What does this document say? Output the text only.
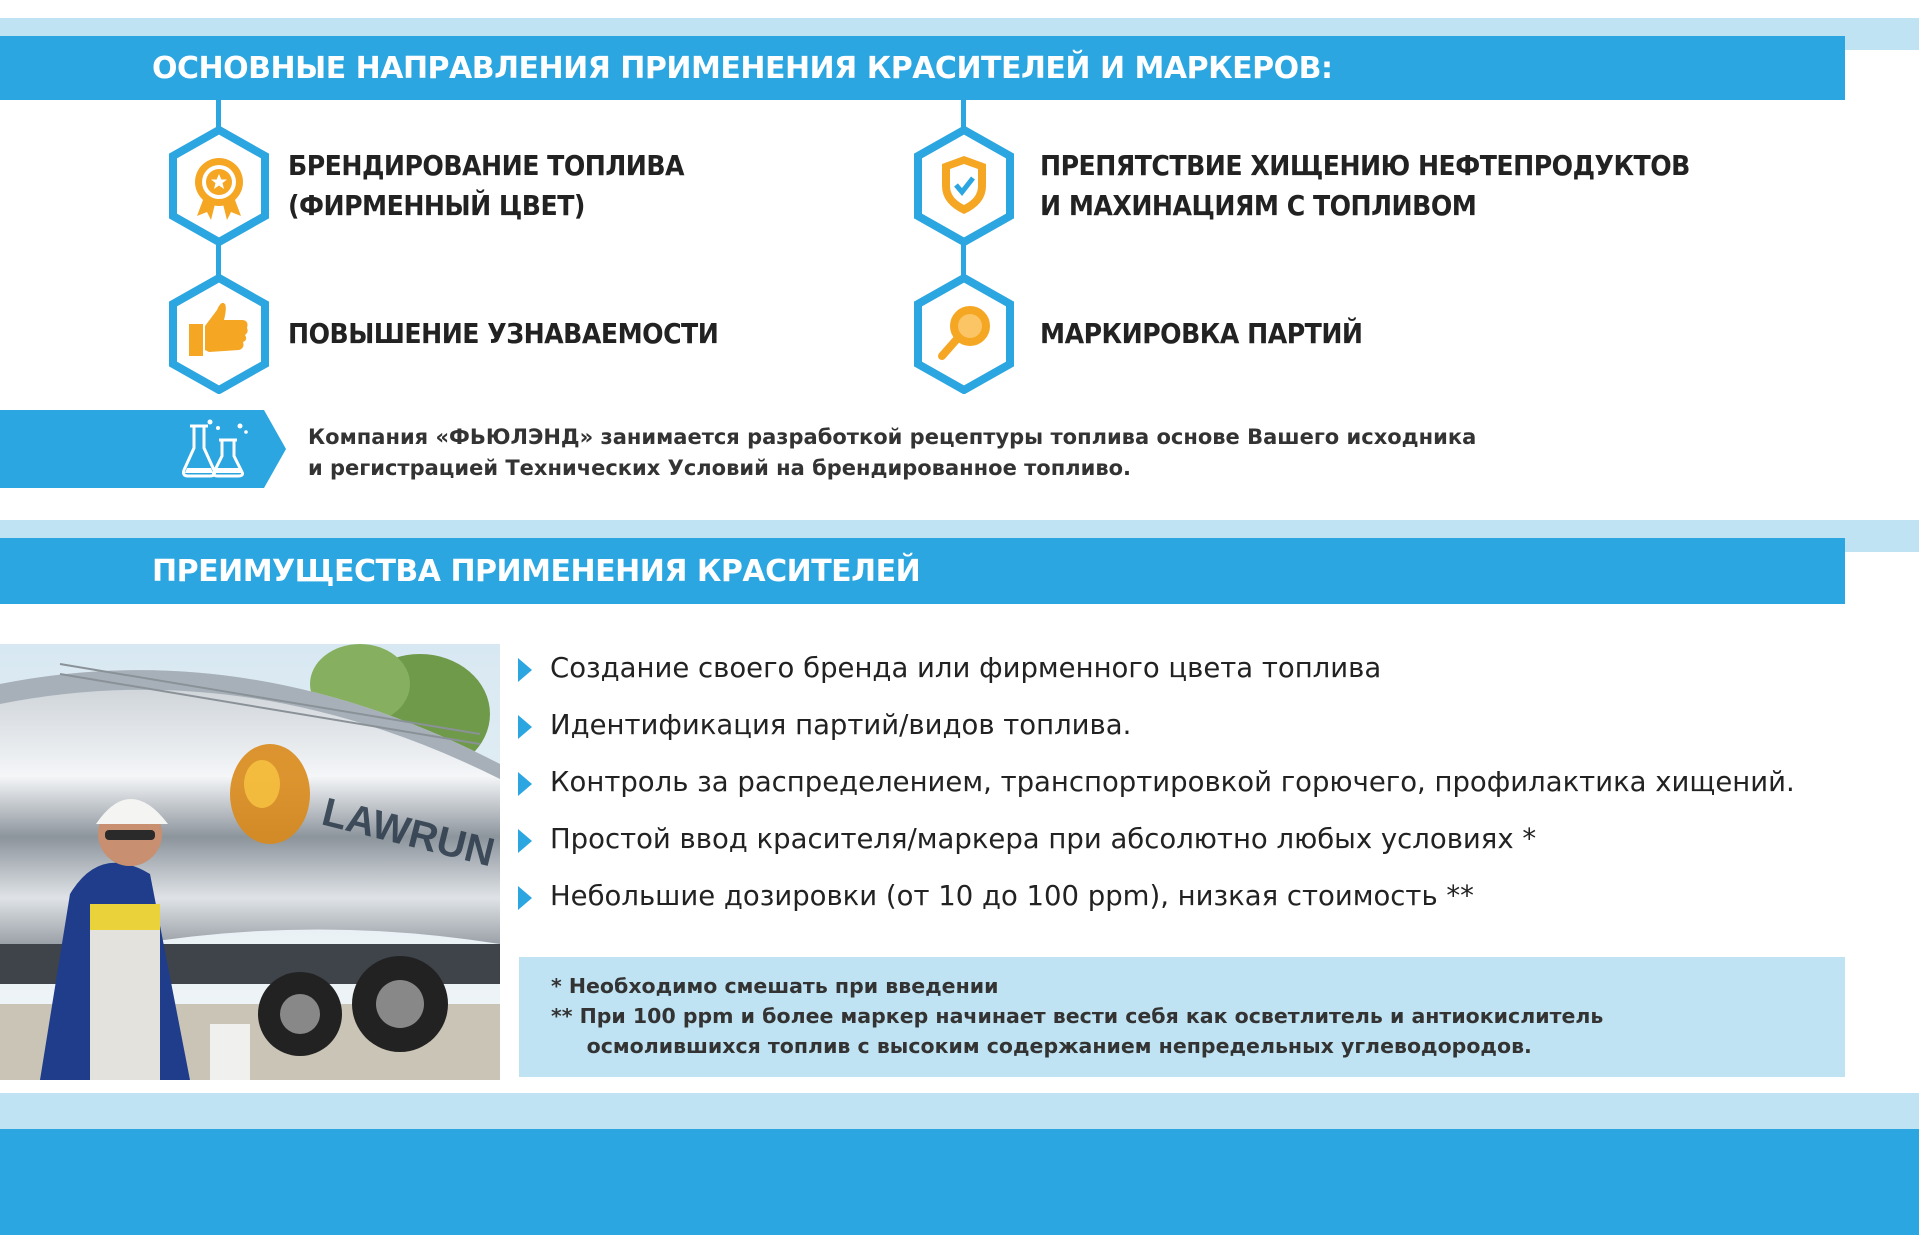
ОСНОВНЫЕ НАПРАВЛЕНИЯ ПРИМЕНЕНИЯ КРАСИТЕЛЕЙ И МАРКЕРОВ:
БРЕНДИРОВАНИЕ ТОПЛИВА
(ФИРМЕННЫЙ ЦВЕТ)
ПРЕПЯТСТВИЕ ХИЩЕНИЮ НЕФТЕПРОДУКТОВ
И МАХИНАЦИЯМ С ТОПЛИВОМ
ПОВЫШЕНИЕ УЗНАВАЕМОСТИ	МАРКИРОВКА ПАРТИЙ
Компания «ФЬЮЛЭНД» занимается разработкой рецептуры топлива основе Вашего исходника
и регистрацией Технических Условий на брендированное топливо.
ПРЕИМУЩЕСТВА ПРИМЕНЕНИЯ КРАСИТЕЛЕЙ
LAWRUN
Создание своего бренда или фирменного цвета топлива
Идентификация партий/видов топлива.
Контроль за распределением, транспортировкой горючего, профилактика хищений.
Простой ввод красителя/маркера при абсолютно любых условиях *
Небольшие дозировки (от 10 до 100 ppm), низкая стоимость **
* Необходимо смешать при введении
** При 100 ppm и более маркер начинает вести себя как осветлитель и антиокислитель
осмолившихся топлив с высоким содержанием непредельных углеводородов.
